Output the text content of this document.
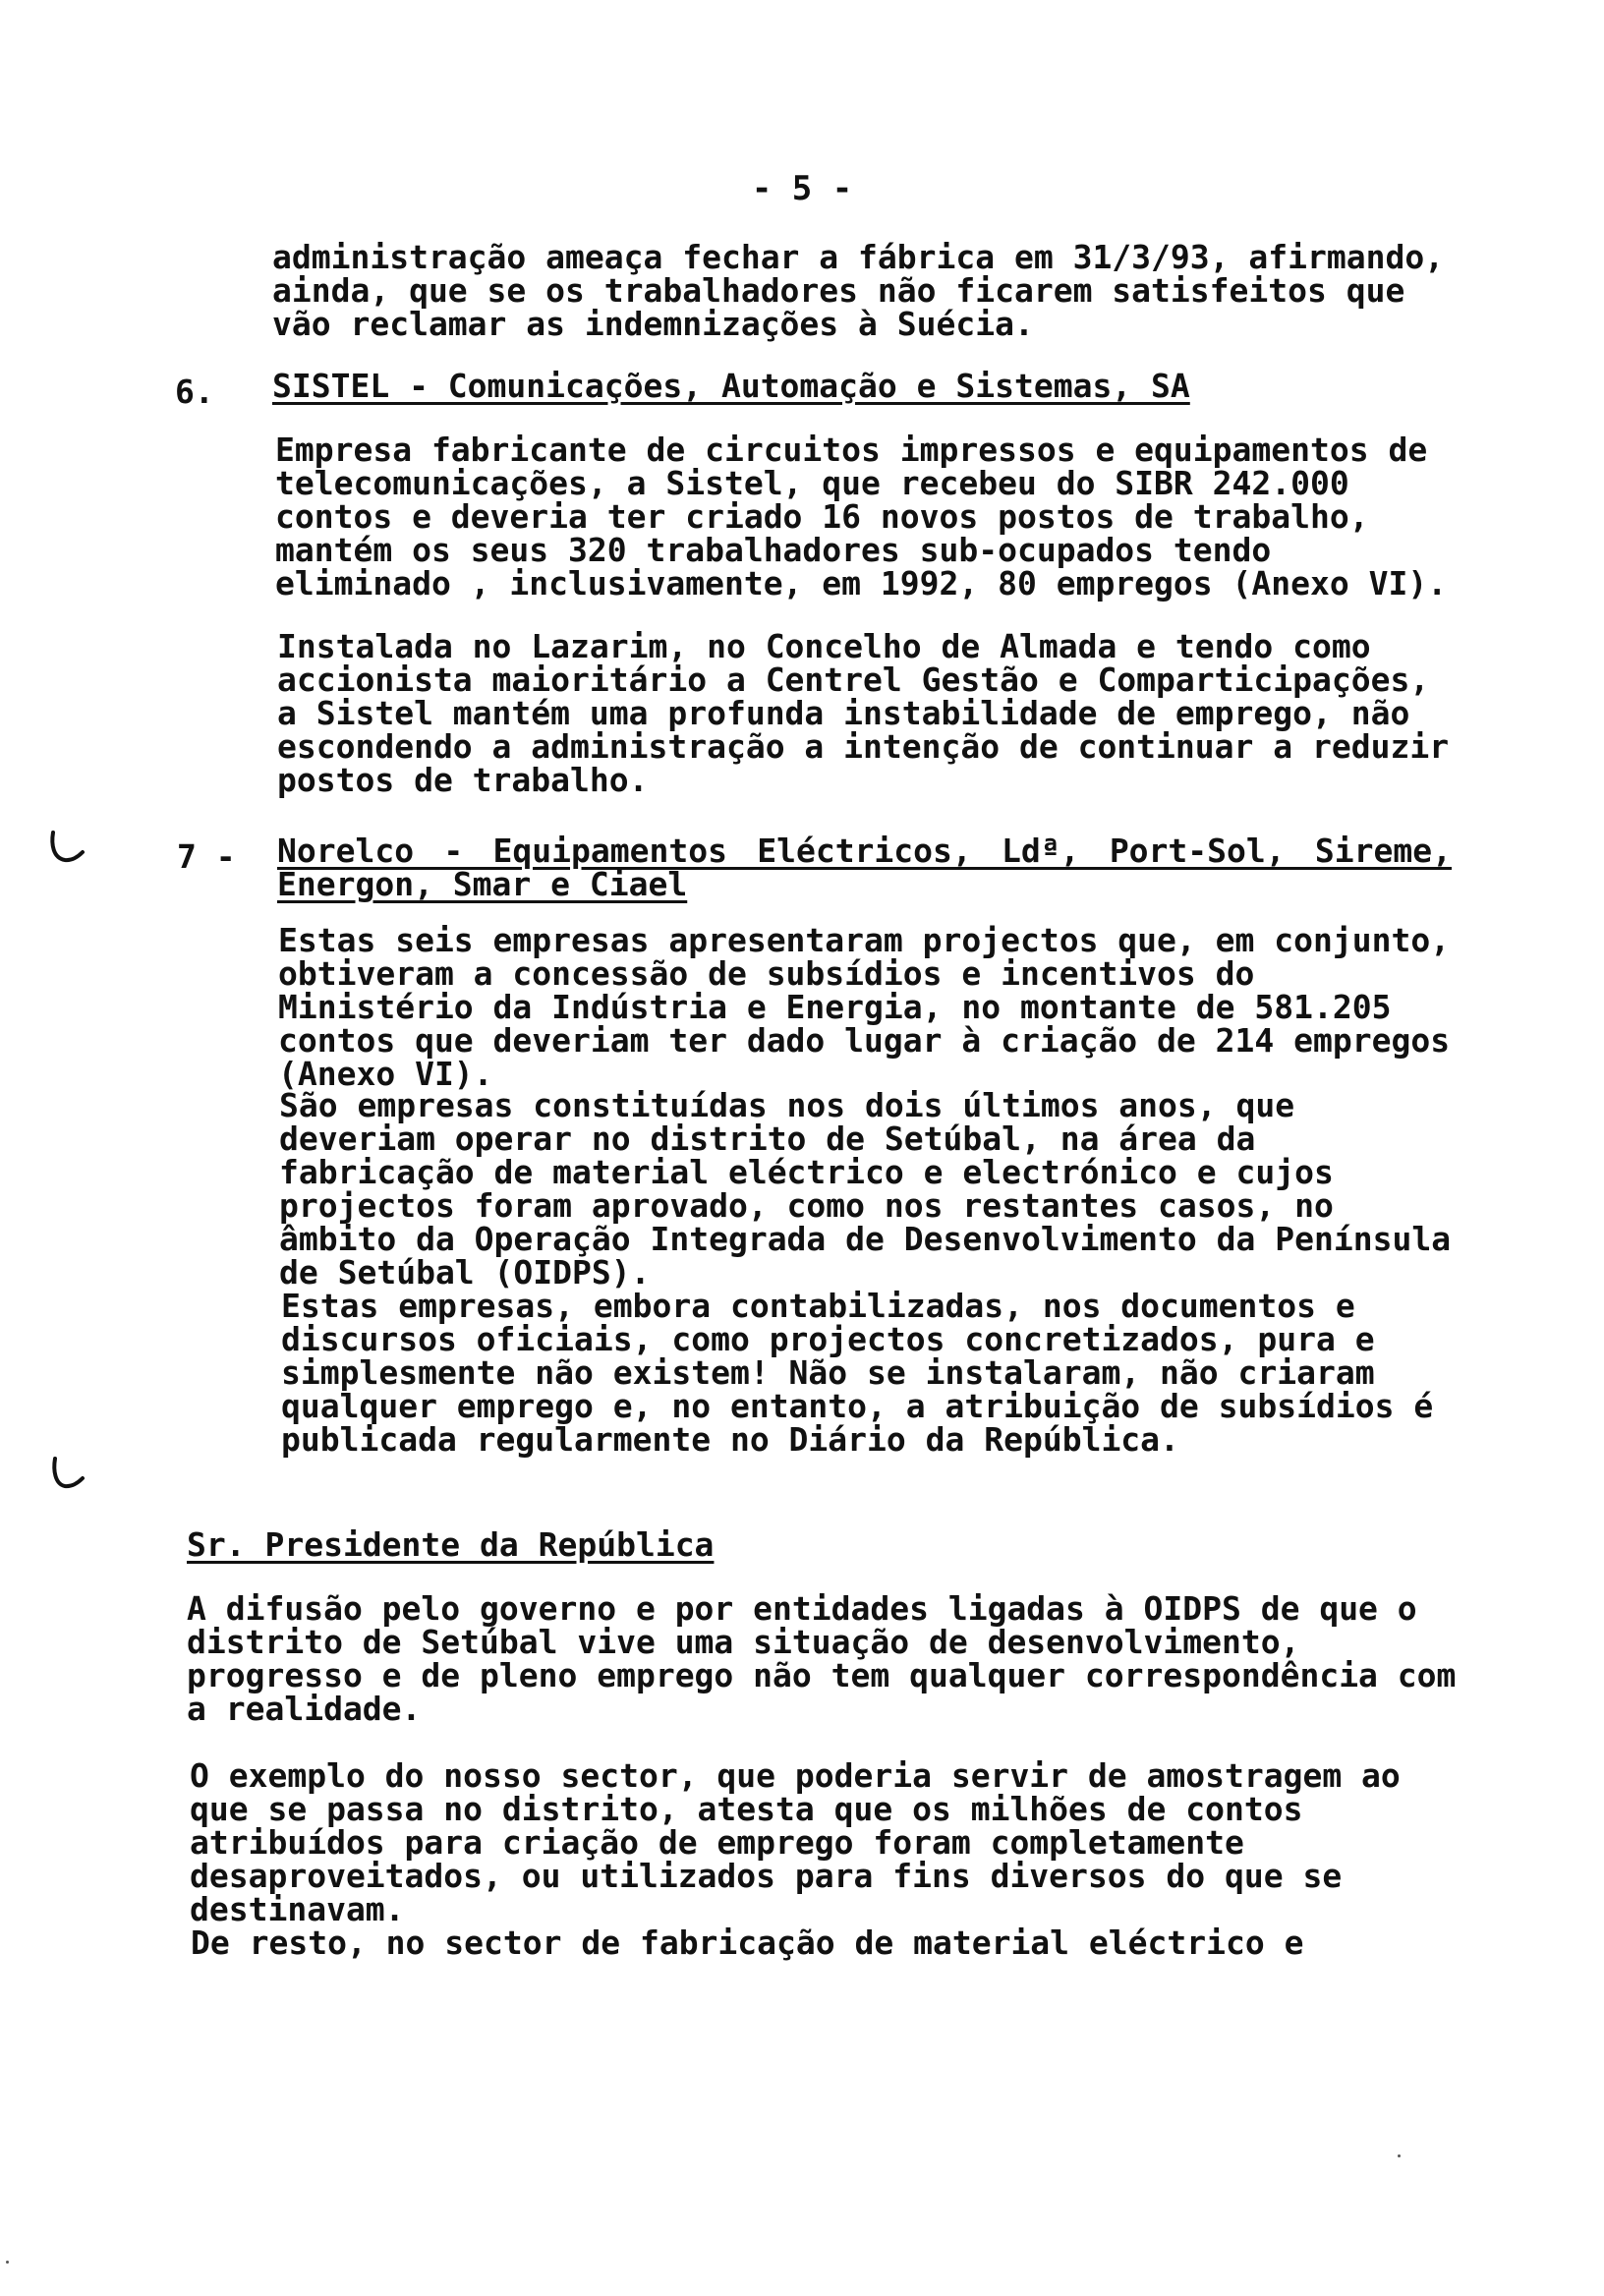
- 5 -
administração ameaça fechar a fábrica em 31/3/93, afirmando, ainda, que se os trabalhadores não ficarem satisfeitos que vão reclamar as indemnizações à Suécia.
6. SISTEL - Comunicações, Automação e Sistemas, SA
Empresa fabricante de circuitos impressos e equipamentos de telecomunicações, a Sistel, que recebeu do SIBR 242.000 contos e deveria ter criado 16 novos postos de trabalho, mantém os seus 320 trabalhadores sub-ocupados tendo eliminado , inclusivamente, em 1992, 80 empregos (Anexo VI).
Instalada no Lazarim, no Concelho de Almada e tendo como accionista maioritário a Centrel Gestão e Comparticipações, a Sistel mantém uma profunda instabilidade de emprego, não escondendo a administração a intenção de continuar a reduzir postos de trabalho.
7 - Norelco - Equipamentos Eléctricos, Ldª, Port-Sol, Sireme, Energon, Smar e Ciael
Estas seis empresas apresentaram projectos que, em conjunto, obtiveram a concessão de subsídios e incentivos do Ministério da Indústria e Energia, no montante de 581.205 contos que deveriam ter dado lugar à criação de 214 empregos (Anexo VI).
São empresas constituídas nos dois últimos anos, que deveriam operar no distrito de Setúbal, na área da fabricação de material eléctrico e electrónico e cujos projectos foram aprovado, como nos restantes casos, no âmbito da Operação Integrada de Desenvolvimento da Península de Setúbal (OIDPS).
Estas empresas, embora contabilizadas, nos documentos e discursos oficiais, como projectos concretizados, pura e simplesmente não existem! Não se instalaram, não criaram qualquer emprego e, no entanto, a atribuição de subsídios é publicada regularmente no Diário da República.
Sr. Presidente da República
A difusão pelo governo e por entidades ligadas à OIDPS de que o distrito de Setúbal vive uma situação de desenvolvimento, progresso e de pleno emprego não tem qualquer correspondência com a realidade.
O exemplo do nosso sector, que poderia servir de amostragem ao que se passa no distrito, atesta que os milhões de contos atribuídos para criação de emprego foram completamente desaproveitados, ou utilizados para fins diversos do que se destinavam.
De resto, no sector de fabricação de material eléctrico e
